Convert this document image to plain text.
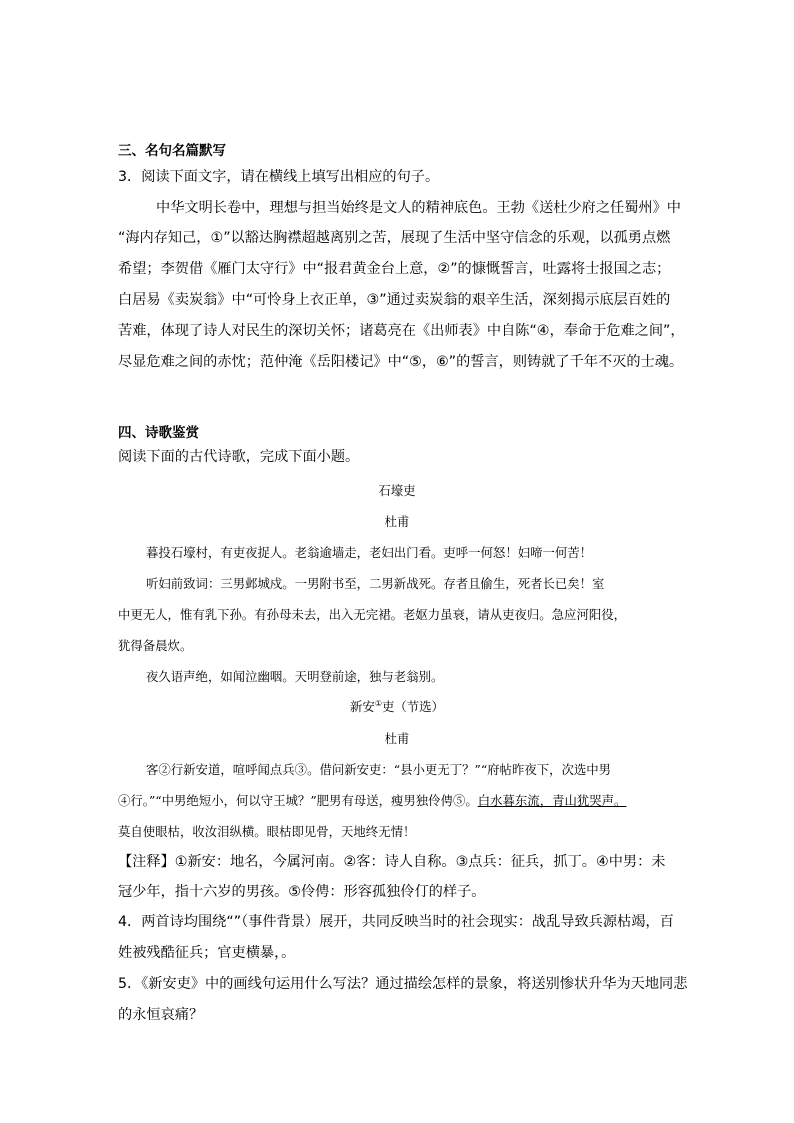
三、名句名篇默写
3．阅读下面文字，请在横线上填写出相应的句子。
中华文明长卷中，理想与担当始终是文人的精神底色。王勃《送杜少府之任蜀州》中
“海内存知己，①”以豁达胸襟超越离别之苦，展现了生活中坚守信念的乐观，以孤勇点燃
希望；李贺借《雁门太守行》中“报君黄金台上意，②”的慷慨誓言，吐露将士报国之志；
白居易《卖炭翁》中“可怜身上衣正单，③”通过卖炭翁的艰辛生活，深刻揭示底层百姓的
苦难，体现了诗人对民生的深切关怀；诸葛亮在《出师表》中自陈“④，奉命于危难之间”，
尽显危难之间的赤忱；范仲淹《岳阳楼记》中“⑤，⑥”的誓言，则铸就了千年不灭的士魂。
四、诗歌鉴赏
阅读下面的古代诗歌，完成下面小题。
石壕吏
杜甫
暮投石壕村，有吏夜捉人。老翁逾墙走，老妇出门看。吏呼一何怒！妇啼一何苦！
听妇前致词：三男邺城戍。一男附书至，二男新战死。存者且偷生，死者长已矣！室
中更无人，惟有乳下孙。有孙母未去，出入无完裙。老妪力虽衰，请从吏夜归。急应河阳役，
犹得备晨炊。
夜久语声绝，如闻泣幽咽。天明登前途，独与老翁别。
新安①吏（节选）
杜甫
客②行新安道，喧呼闻点兵③。借问新安吏：“县小更无丁？”“府帖昨夜下，次选中男
④行。”“中男绝短小，何以守王城？”肥男有母送，瘦男独伶俜⑤。白水暮东流，青山犹哭声。
莫自使眼枯，收汝泪纵横。眼枯即见骨，天地终无情！
【注释】①新安：地名，今属河南。②客：诗人自称。③点兵：征兵，抓丁。④中男：未
冠少年，指十六岁的男孩。⑤伶俜：形容孤独伶仃的样子。
4．两首诗均围绕“”（事件背景）展开，共同反映当时的社会现实：战乱导致兵源枯竭，百
姓被残酷征兵；官吏横暴，。
5．《新安吏》中的画线句运用什么写法？通过描绘怎样的景象，将送别惨状升华为天地同悲
的永恒哀痛？
